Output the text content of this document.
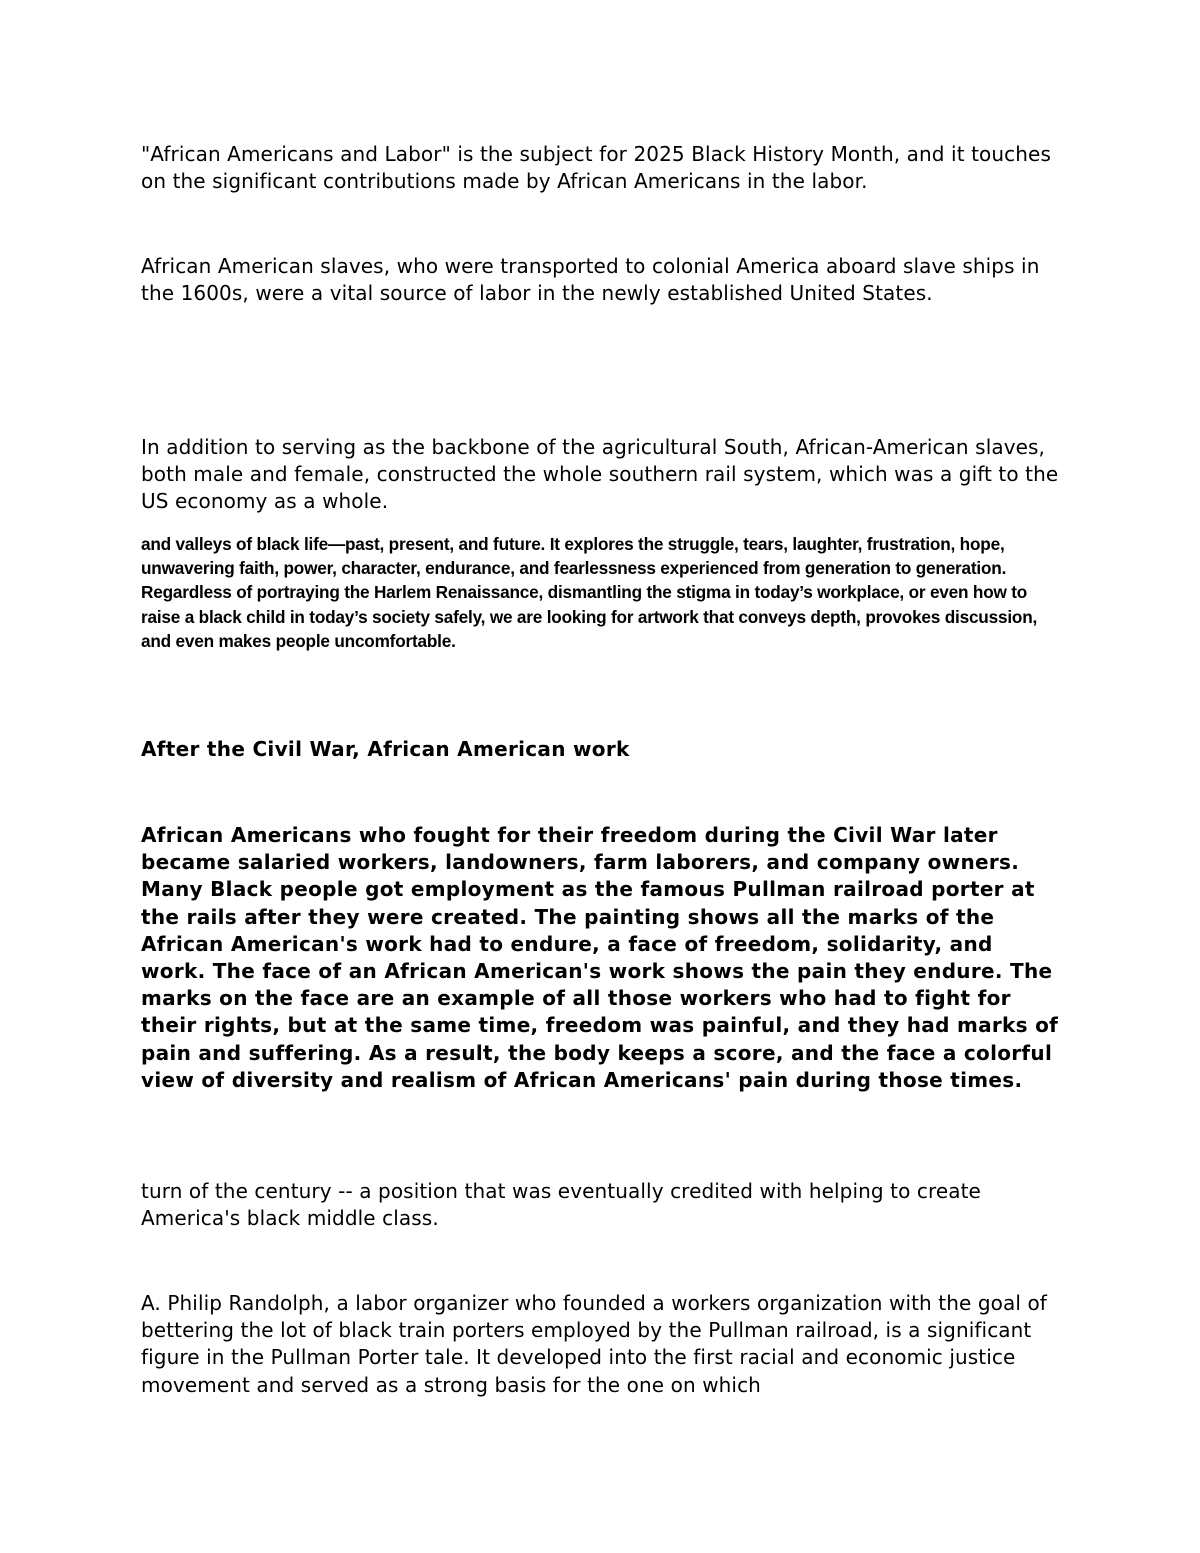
"African Americans and Labor" is the subject for 2025 Black History Month, and it touches on the significant contributions made by African Americans in the labor.

African American slaves, who were transported to colonial America aboard slave ships in the 1600s, were a vital source of labor in the newly established United States.

In addition to serving as the backbone of the agricultural South, African-American slaves, both male and female, constructed the whole southern rail system, which was a gift to the US economy as a whole.

and valleys of black life—past, present, and future. It explores the struggle, tears, laughter, frustration, hope, unwavering faith, power, character, endurance, and fearlessness experienced from generation to generation. Regardless of portraying the Harlem Renaissance, dismantling the stigma in today’s workplace, or even how to raise a black child in today’s society safely, we are looking for artwork that conveys depth, provokes discussion, and even makes people uncomfortable.

After the Civil War, African American work

African Americans who fought for their freedom during the Civil War later became salaried workers, landowners, farm laborers, and company owners. Many Black people got employment as the famous Pullman railroad porter at the rails after they were created. The painting shows all the marks of the African American's work had to endure, a face of freedom, solidarity, and work. The face of an African American's work shows the pain they endure. The marks on the face are an example of all those workers who had to fight for their rights, but at the same time, freedom was painful, and they had marks of pain and suffering. As a result, the body keeps a score, and the face a colorful view of diversity and realism of African Americans' pain during those times.

turn of the century -- a position that was eventually credited with helping to create America's black middle class.

A. Philip Randolph, a labor organizer who founded a workers organization with the goal of bettering the lot of black train porters employed by the Pullman railroad, is a significant figure in the Pullman Porter tale. It developed into the first racial and economic justice movement and served as a strong basis for the one on which
